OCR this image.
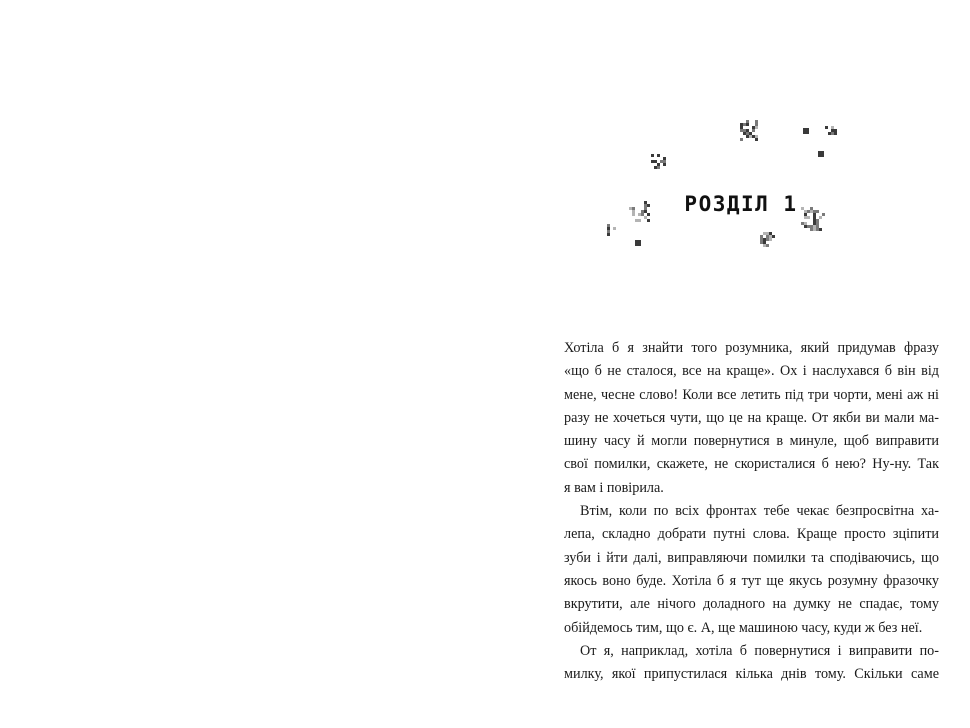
РОЗДІЛ 1
Хотіла б я знайти того розумника, який придумав фразу
«що б не сталося, все на краще». Ох і наслухався б він від
мене, чесне слово! Коли все летить під три чорти, мені аж ні
разу не хочеться чути, що це на краще. От якби ви мали ма-
шину часу й могли повернутися в минуле, щоб виправити
свої помилки, скажете, не скористалися б нею? Ну-ну. Так
я вам і повірила.
Втім, коли по всіх фронтах тебе чекає безпросвітна ха-
лепа, складно добрати путні слова. Краще просто зціпити
зуби і йти далі, виправляючи помилки та сподіваючись, що
якось воно буде. Хотіла б я тут ще якусь розумну фразочку
вкрутити, але нічого доладного на думку не спадає, тому
обійдемось тим, що є. А, ще машиною часу, куди ж без неї.
От я, наприклад, хотіла б повернутися і виправити по-
милку, якої припустилася кілька днів тому. Скільки саме
